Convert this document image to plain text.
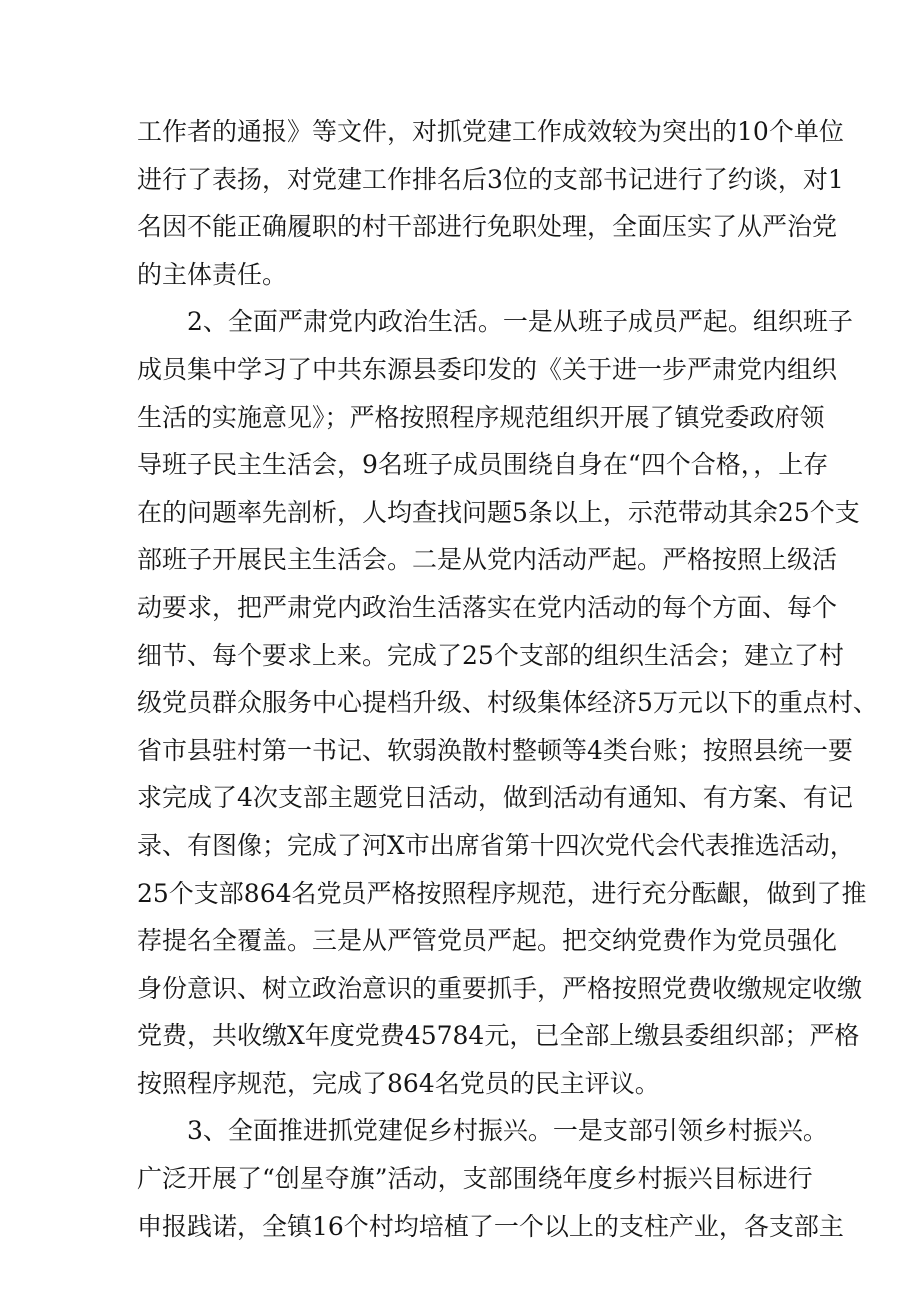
工作者的通报》等文件，对抓党建工作成效较为突出的10个单位
进行了表扬，对党建工作排名后3位的支部书记进行了约谈，对1
名因不能正确履职的村干部进行免职处理，全面压实了从严治党
的主体责任。
2、全面严肃党内政治生活。一是从班子成员严起。组织班子
成员集中学习了中共东源县委印发的《关于进一步严肃党内组织
生活的实施意见》；严格按照程序规范组织开展了镇党委政府领
导班子民主生活会，9名班子成员围绕自身在“四个合格，，上存
在的问题率先剖析，人均查找问题5条以上，示范带动其余25个支
部班子开展民主生活会。二是从党内活动严起。严格按照上级活
动要求，把严肃党内政治生活落实在党内活动的每个方面、每个
细节、每个要求上来。完成了25个支部的组织生活会；建立了村
级党员群众服务中心提档升级、村级集体经济5万元以下的重点村、
省市县驻村第一书记、软弱涣散村整顿等4类台账；按照县统一要
求完成了4次支部主题党日活动，做到活动有通知、有方案、有记
录、有图像；完成了河X市出席省第十四次党代会代表推选活动，
25个支部864名党员严格按照程序规范，进行充分酝齦，做到了推
荐提名全覆盖。三是从严管党员严起。把交纳党费作为党员强化
身份意识、树立政治意识的重要抓手，严格按照党费收缴规定收缴
党费，共收缴X年度党费45784元，已全部上缴县委组织部；严格
按照程序规范，完成了864名党员的民主评议。
3、全面推进抓党建促乡村振兴。一是支部引领乡村振兴。
广泛开展了“创星夺旗”活动，支部围绕年度乡村振兴目标进行
申报践诺，全镇16个村均培植了一个以上的支柱产业，各支部主
